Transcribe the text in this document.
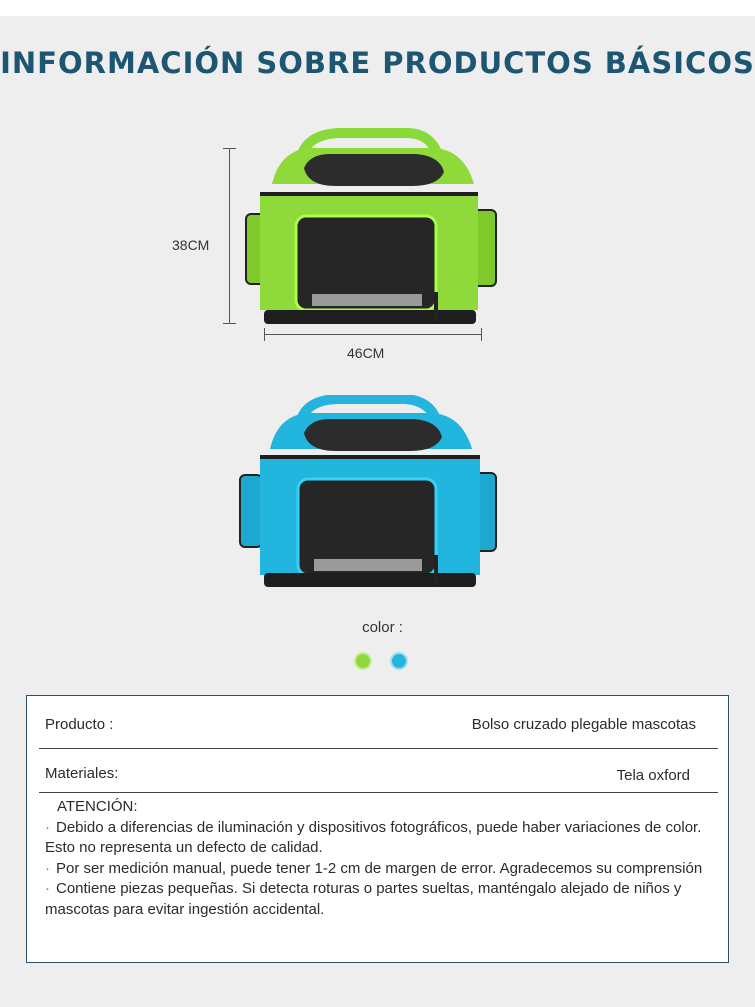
INFORMACIÓN SOBRE PRODUCTOS BÁSICOS
38CM
46CM
color :
Producto :	Bolso cruzado plegable mascotas
Materiales:	Tela oxford

ATENCIÓN:

· Debido a diferencias de iluminación y dispositivos fotográficos, puede haber variaciones de color. Esto no representa un defecto de calidad.

· Por ser medición manual, puede tener 1-2 cm de margen de error. Agradecemos su comprensión

· Contiene piezas pequeñas. Si detecta roturas o partes sueltas, manténgalo alejado de niños y mascotas para evitar ingestión accidental.
